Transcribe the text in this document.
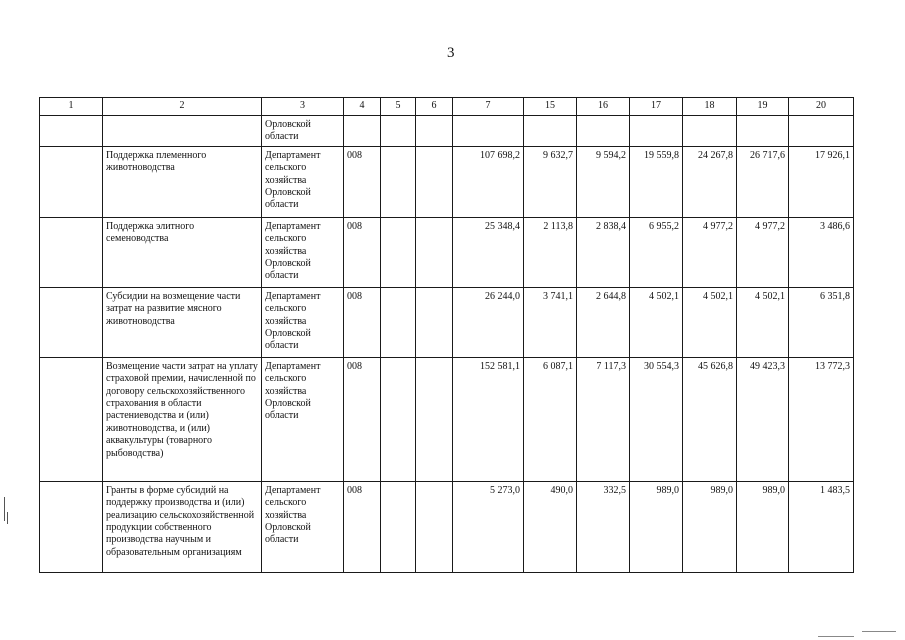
3
1	2	3	4	5	6	7	15	16	17	18	19	20
		Орловской области										
	Поддержка племенного животноводства	Департамент сельского хозяйства Орловской области	008			107 698,2	9 632,7	9 594,2	19 559,8	24 267,8	26 717,6	17 926,1
	Поддержка элитного семеноводства	Департамент сельского хозяйства Орловской области	008			25 348,4	2 113,8	2 838,4	6 955,2	4 977,2	4 977,2	3 486,6
	Субсидии на возмещение части затрат на развитие мясного животноводства	Департамент сельского хозяйства Орловской области	008			26 244,0	3 741,1	2 644,8	4 502,1	4 502,1	4 502,1	6 351,8
	Возмещение части затрат на уплату страховой премии, начисленной по договору сельскохозяйственного страхования в области растениеводства и (или) животноводства, и (или) аквакультуры (товарного рыбоводства)	Департамент сельского хозяйства Орловской области	008			152 581,1	6 087,1	7 117,3	30 554,3	45 626,8	49 423,3	13 772,3
	Гранты в форме субсидий на поддержку производства и (или) реализацию сельскохозяйственной продукции собственного производства научным и образовательным организациям	Департамент сельского хозяйства Орловской области	008			5 273,0	490,0	332,5	989,0	989,0	989,0	1 483,5
